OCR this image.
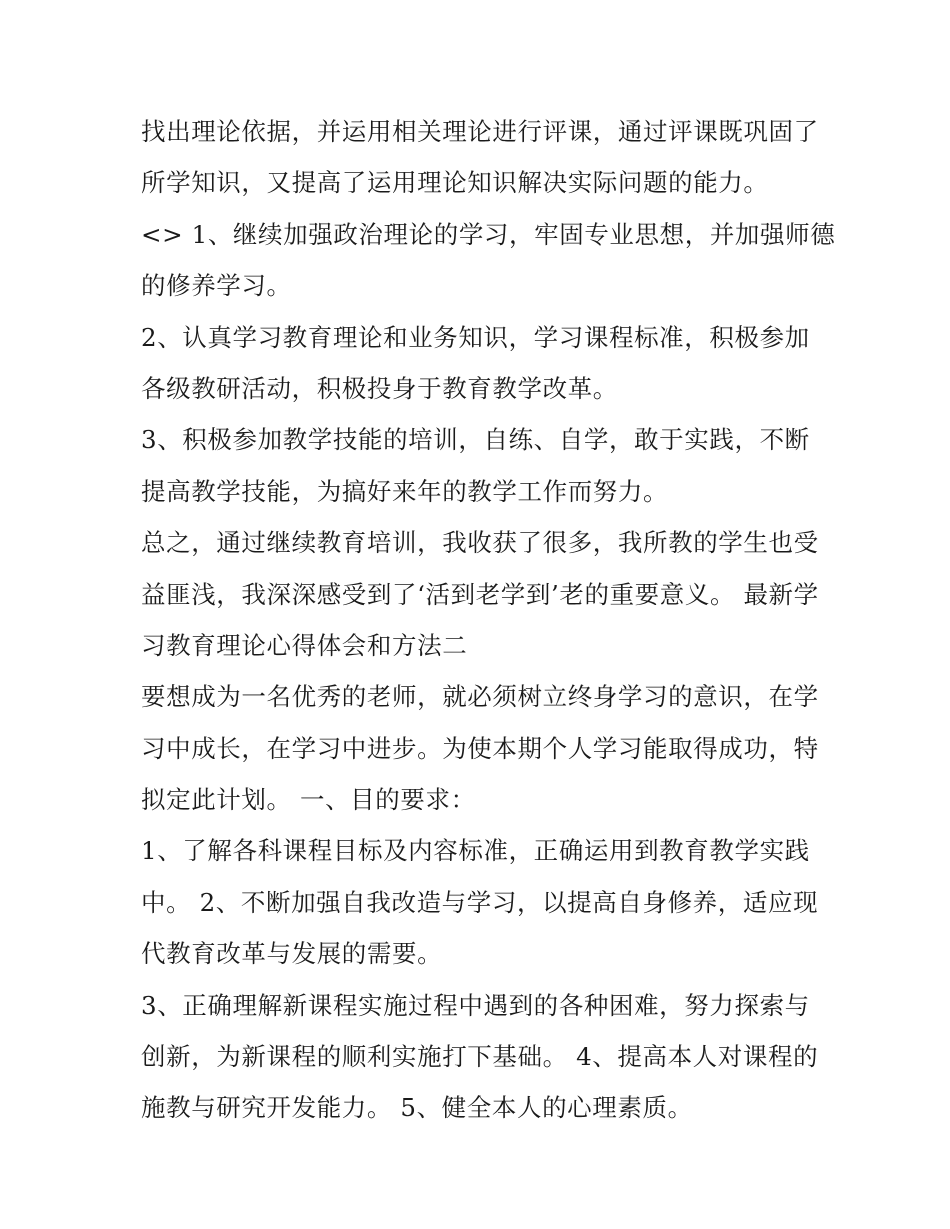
找出理论依据，并运用相关理论进行评课，通过评课既巩固了
所学知识，又提高了运用理论知识解决实际问题的能力。
<> 1、继续加强政治理论的学习，牢固专业思想，并加强师德
的修养学习。
2、认真学习教育理论和业务知识，学习课程标准，积极参加
各级教研活动，积极投身于教育教学改革。
3、积极参加教学技能的培训，自练、自学，敢于实践，不断
提高教学技能，为搞好来年的教学工作而努力。
总之，通过继续教育培训，我收获了很多，我所教的学生也受
益匪浅，我深深感受到了‘活到老学到’老的重要意义。 最新学
习教育理论心得体会和方法二
要想成为一名优秀的老师，就必须树立终身学习的意识，在学
习中成长，在学习中进步。为使本期个人学习能取得成功，特
拟定此计划。 一、目的要求：
1、了解各科课程目标及内容标准，正确运用到教育教学实践
中。 2、不断加强自我改造与学习，以提高自身修养，适应现
代教育改革与发展的需要。
3、正确理解新课程实施过程中遇到的各种困难，努力探索与
创新，为新课程的顺利实施打下基础。 4、提高本人对课程的
施教与研究开发能力。 5、健全本人的心理素质。
